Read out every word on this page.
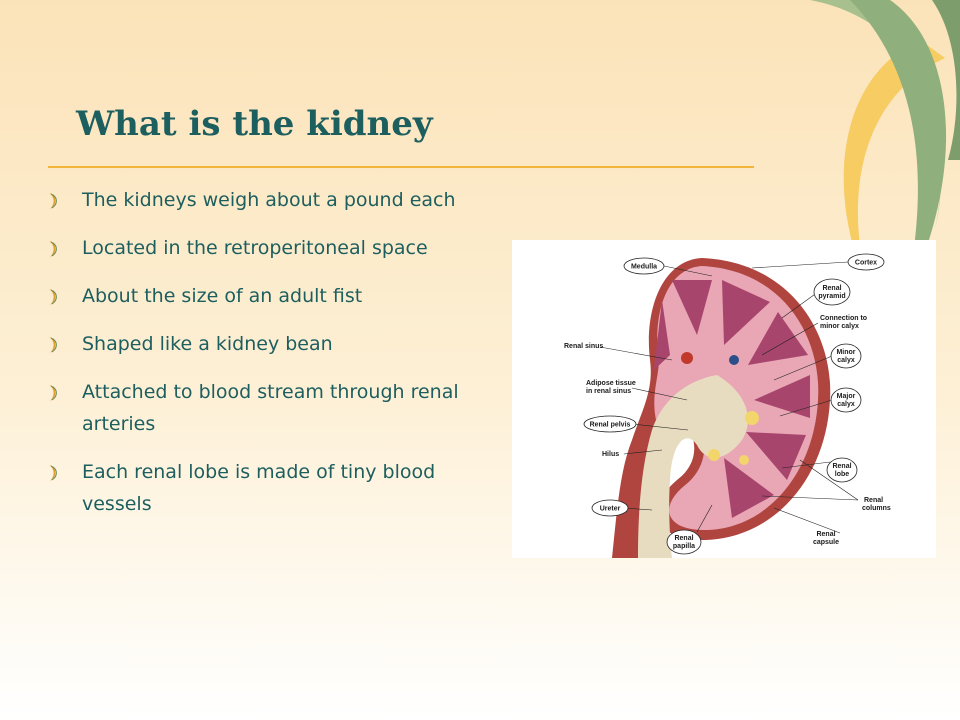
What is the kidney
The kidneys weigh about a pound each
Located in the retroperitoneal space
About the size of an adult fist
Shaped like a kidney bean
Attached to blood stream through renal arteries
Each renal lobe is made of tiny blood vessels
Medulla
Cortex
Renal
pyramid
Connection to
minor calyx
Renal sinus
Minor
calyx
Adipose tissue
in renal sinus
Major
calyx
Renal pelvis
Hilus
Renal
lobe
Ureter
Renal
columns
Renal
papilla
Renal
capsule
